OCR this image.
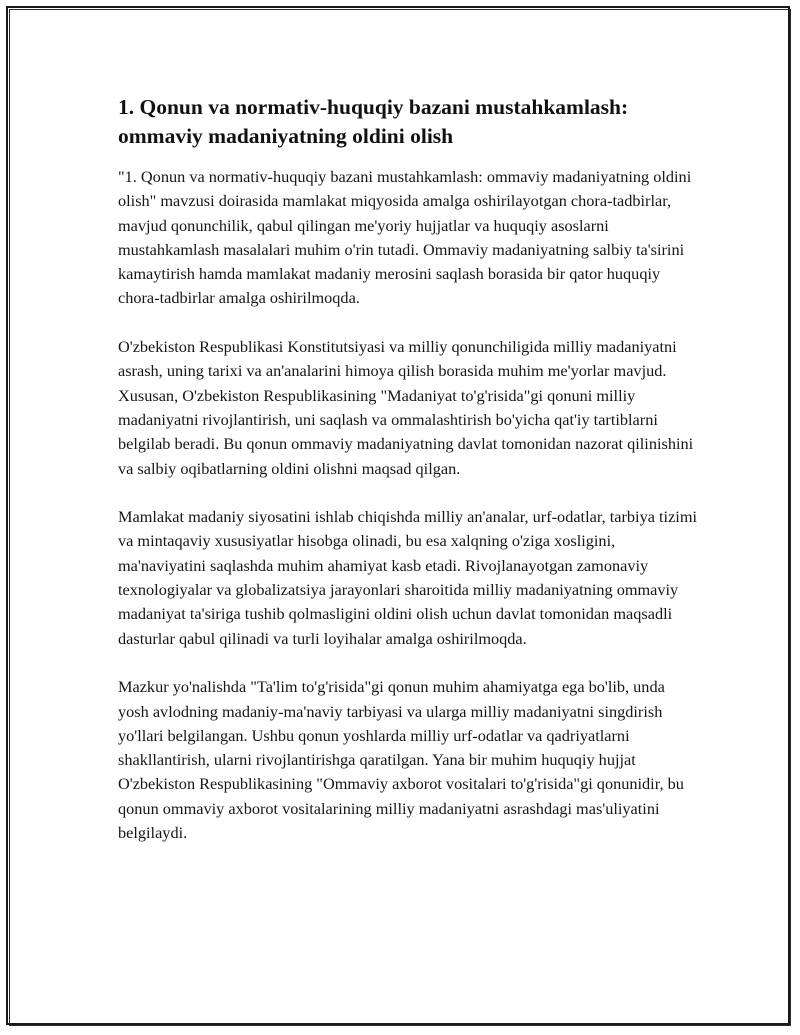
1. Qonun va normativ-huquqiy bazani mustahkamlash: ommaviy madaniyatning oldini olish

"1. Qonun va normativ-huquqiy bazani mustahkamlash: ommaviy madaniyatning oldini olish" mavzusi doirasida mamlakat miqyosida amalga oshirilayotgan chora-tadbirlar, mavjud qonunchilik, qabul qilingan me'yoriy hujjatlar va huquqiy asoslarni mustahkamlash masalalari muhim o'rin tutadi. Ommaviy madaniyatning salbiy ta'sirini kamaytirish hamda mamlakat madaniy merosini saqlash borasida bir qator huquqiy chora-tadbirlar amalga oshirilmoqda.

O'zbekiston Respublikasi Konstitutsiyasi va milliy qonunchiligida milliy madaniyatni asrash, uning tarixi va an'analarini himoya qilish borasida muhim me'yorlar mavjud. Xususan, O'zbekiston Respublikasining "Madaniyat to'g'risida"gi qonuni milliy madaniyatni rivojlantirish, uni saqlash va ommalashtirish bo'yicha qat'iy tartiblarni belgilab beradi. Bu qonun ommaviy madaniyatning davlat tomonidan nazorat qilinishini va salbiy oqibatlarning oldini olishni maqsad qilgan.

Mamlakat madaniy siyosatini ishlab chiqishda milliy an'analar, urf-odatlar, tarbiya tizimi va mintaqaviy xususiyatlar hisobga olinadi, bu esa xalqning o'ziga xosligini, ma'naviyatini saqlashda muhim ahamiyat kasb etadi. Rivojlanayotgan zamonaviy texnologiyalar va globalizatsiya jarayonlari sharoitida milliy madaniyatning ommaviy madaniyat ta'siriga tushib qolmasligini oldini olish uchun davlat tomonidan maqsadli dasturlar qabul qilinadi va turli loyihalar amalga oshirilmoqda.

Mazkur yo'nalishda "Ta'lim to'g'risida"gi qonun muhim ahamiyatga ega bo'lib, unda yosh avlodning madaniy-ma'naviy tarbiyasi va ularga milliy madaniyatni singdirish yo'llari belgilangan. Ushbu qonun yoshlarda milliy urf-odatlar va qadriyatlarni shakllantirish, ularni rivojlantirishga qaratilgan. Yana bir muhim huquqiy hujjat O'zbekiston Respublikasining "Ommaviy axborot vositalari to'g'risida"gi qonunidir, bu qonun ommaviy axborot vositalarining milliy madaniyatni asrashdagi mas'uliyatini belgilaydi.
